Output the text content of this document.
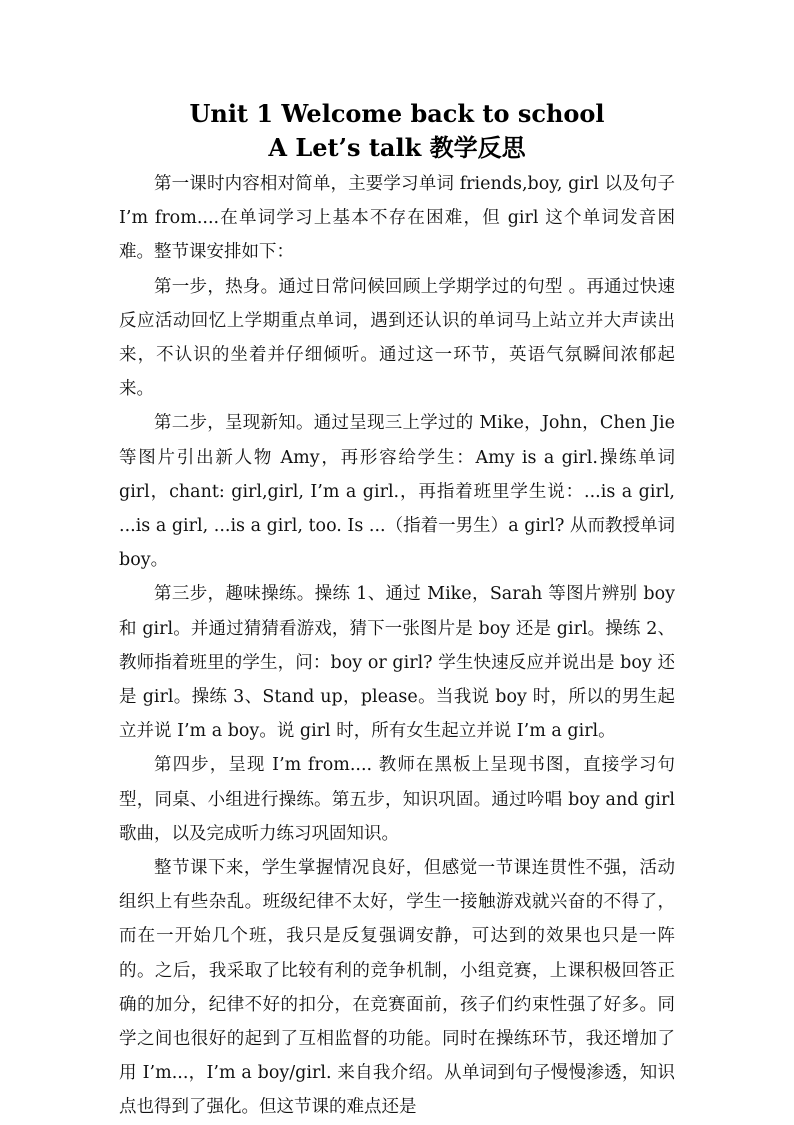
Unit 1 Welcome back to school
A Let’s talk 教学反思

第一课时内容相对简单，主要学习单词 friends,boy, girl 以及句子 I’m from....在单词学习上基本不存在困难，但 girl 这个单词发音困难。整节课安排如下：

第一步，热身。通过日常问候回顾上学期学过的句型 。再通过快速反应活动回忆上学期重点单词，遇到还认识的单词马上站立并大声读出来，不认识的坐着并仔细倾听。通过这一环节，英语气氛瞬间浓郁起来。

第二步，呈现新知。通过呈现三上学过的 Mike，John，Chen Jie 等图片引出新人物 Amy，再形容给学生：Amy is a girl.操练单词 girl，chant: girl,girl, I’m a girl.，再指着班里学生说：...is a girl, ...is a girl, ...is a girl, too. Is ...（指着一男生）a girl? 从而教授单词 boy。

第三步，趣味操练。操练 1、通过 Mike，Sarah 等图片辨别 boy 和 girl。并通过猜猜看游戏，猜下一张图片是 boy 还是 girl。操练 2、教师指着班里的学生，问：boy or girl? 学生快速反应并说出是 boy 还是 girl。操练 3、Stand up，please。当我说 boy 时，所以的男生起立并说 I’m a boy。说 girl 时，所有女生起立并说 I’m a girl。

第四步，呈现 I’m from.... 教师在黑板上呈现书图，直接学习句型，同桌、小组进行操练。第五步，知识巩固。通过吟唱 boy and girl 歌曲，以及完成听力练习巩固知识。

整节课下来，学生掌握情况良好，但感觉一节课连贯性不强，活动组织上有些杂乱。班级纪律不太好，学生一接触游戏就兴奋的不得了，而在一开始几个班，我只是反复强调安静，可达到的效果也只是一阵的。之后，我采取了比较有利的竞争机制，小组竞赛，上课积极回答正确的加分，纪律不好的扣分，在竞赛面前，孩子们约束性强了好多。同学之间也很好的起到了互相监督的功能。同时在操练环节，我还增加了用 I’m...，I’m a boy/girl. 来自我介绍。从单词到句子慢慢渗透，知识点也得到了强化。但这节课的难点还是
